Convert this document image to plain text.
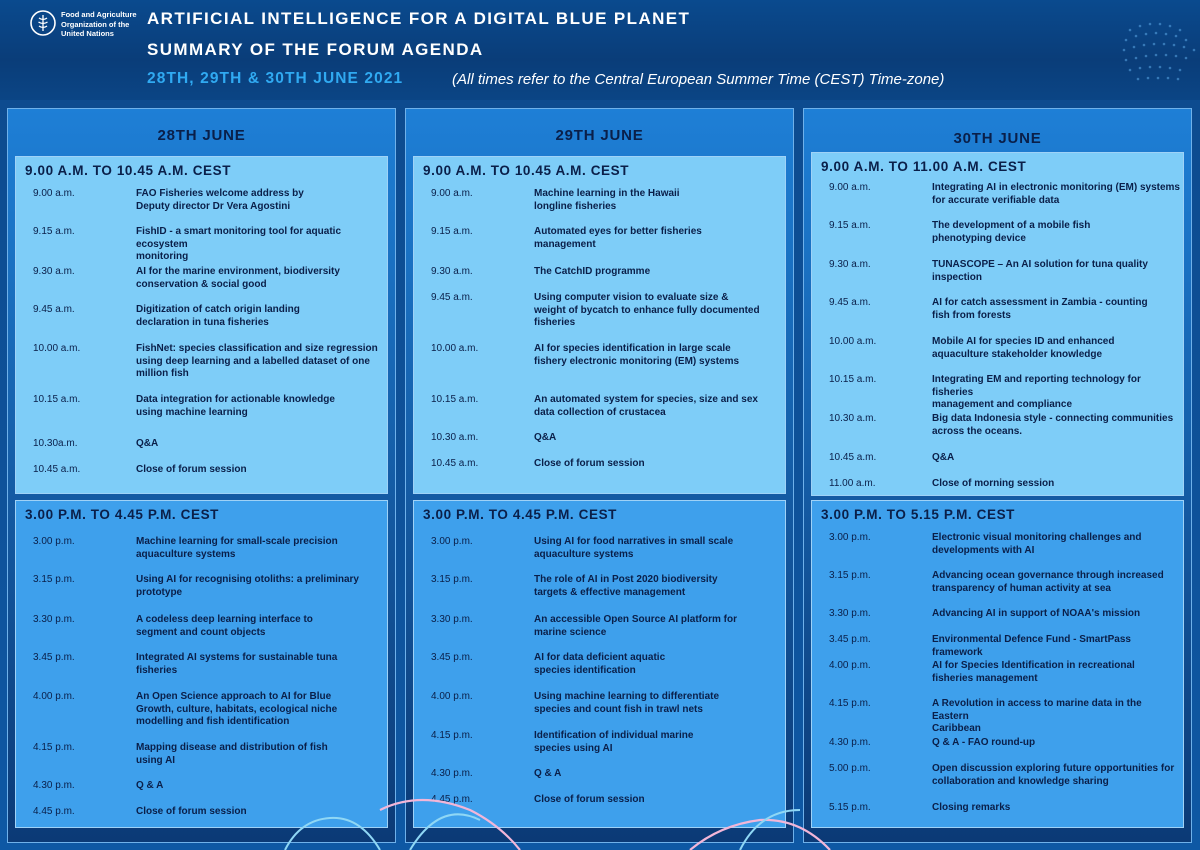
Food and Agriculture
Organization of the
United Nations
ARTIFICIAL INTELLIGENCE FOR A DIGITAL BLUE PLANET
SUMMARY OF THE FORUM AGENDA
28TH, 29TH & 30TH JUNE 2021	(All times refer to the Central European Summer Time (CEST) Time-zone)
28TH JUNE
9.00 A.M. TO 10.45 A.M. CEST
9.00 a.m.	FAO Fisheries welcome address by
Deputy director Dr Vera Agostini
9.15 a.m.	FishID - a smart monitoring tool for aquatic ecosystem
monitoring
9.30 a.m.	AI for the marine environment, biodiversity
conservation & social good
9.45 a.m.	Digitization of catch origin landing
declaration in tuna fisheries
10.00 a.m.	FishNet: species classification and size regression
using deep learning and a labelled dataset of one
million fish
10.15 a.m.	Data integration for actionable knowledge
using machine learning
10.30a.m.	Q&A
10.45 a.m.	Close of forum session
3.00 P.M. TO 4.45 P.M. CEST
3.00 p.m.	Machine learning for small-scale precision
aquaculture systems
3.15 p.m.	Using AI for recognising otoliths: a preliminary
prototype
3.30 p.m.	A codeless deep learning interface to
segment and count objects
3.45 p.m.	Integrated AI systems for sustainable tuna
fisheries
4.00 p.m.	An Open Science approach to AI for Blue
Growth, culture, habitats, ecological niche
modelling and fish identification
4.15 p.m.	Mapping disease and distribution of fish
using AI
4.30 p.m.	Q & A
4.45 p.m.	Close of forum session
29TH JUNE
9.00 A.M. TO 10.45 A.M. CEST
9.00 a.m.	Machine learning in the Hawaii
longline fisheries
9.15 a.m.	Automated eyes for better fisheries
management
9.30 a.m.	The CatchID programme
9.45 a.m.	Using computer vision to evaluate size &
weight of bycatch to enhance fully documented
fisheries
10.00 a.m.	AI for species identification in large scale
fishery electronic monitoring (EM) systems
10.15 a.m.	An automated system for species, size and sex
data collection of crustacea
10.30 a.m.	Q&A
10.45 a.m.	Close of forum session
3.00 P.M. TO 4.45 P.M. CEST
3.00 p.m.	Using AI for food narratives in small scale
aquaculture systems
3.15 p.m.	The role of AI in Post 2020 biodiversity
targets & effective management
3.30 p.m.	An accessible Open Source AI platform for
marine science
3.45 p.m.	AI for data deficient aquatic
species identification
4.00 p.m.	Using machine learning to differentiate
species and count fish in trawl nets
4.15 p.m.	Identification of individual marine
species using AI
4.30 p.m.	Q & A
4.45 p.m.	Close of forum session
30TH JUNE
9.00 A.M. TO 11.00 A.M. CEST
9.00 a.m.	Integrating AI in electronic monitoring (EM) systems
for accurate verifiable data
9.15 a.m.	The development of a mobile fish
phenotyping device
9.30 a.m.	TUNASCOPE – An AI solution for tuna quality
inspection
9.45 a.m.	AI for catch assessment in Zambia - counting
fish from forests
10.00 a.m.	Mobile AI for species ID and enhanced
aquaculture stakeholder knowledge
10.15 a.m.	Integrating EM and reporting technology for fisheries
management and compliance
10.30 a.m.	Big data Indonesia style - connecting communities
across the oceans.
10.45 a.m.	Q&A
11.00 a.m.	Close of morning session
3.00 P.M. TO 5.15 P.M. CEST
3.00 p.m.	Electronic visual monitoring challenges and
developments with AI
3.15 p.m.	Advancing ocean governance through increased
transparency of human activity at sea
3.30 p.m.	Advancing AI in support of NOAA's mission
3.45 p.m.	Environmental Defence Fund - SmartPass framework
4.00 p.m.	AI for Species Identification in recreational
fisheries management
4.15 p.m.	A Revolution in access to marine data in the Eastern
Caribbean
4.30 p.m.	Q & A - FAO round-up
5.00 p.m.	Open discussion exploring future opportunities for
collaboration and knowledge sharing
5.15 p.m.	Closing remarks
